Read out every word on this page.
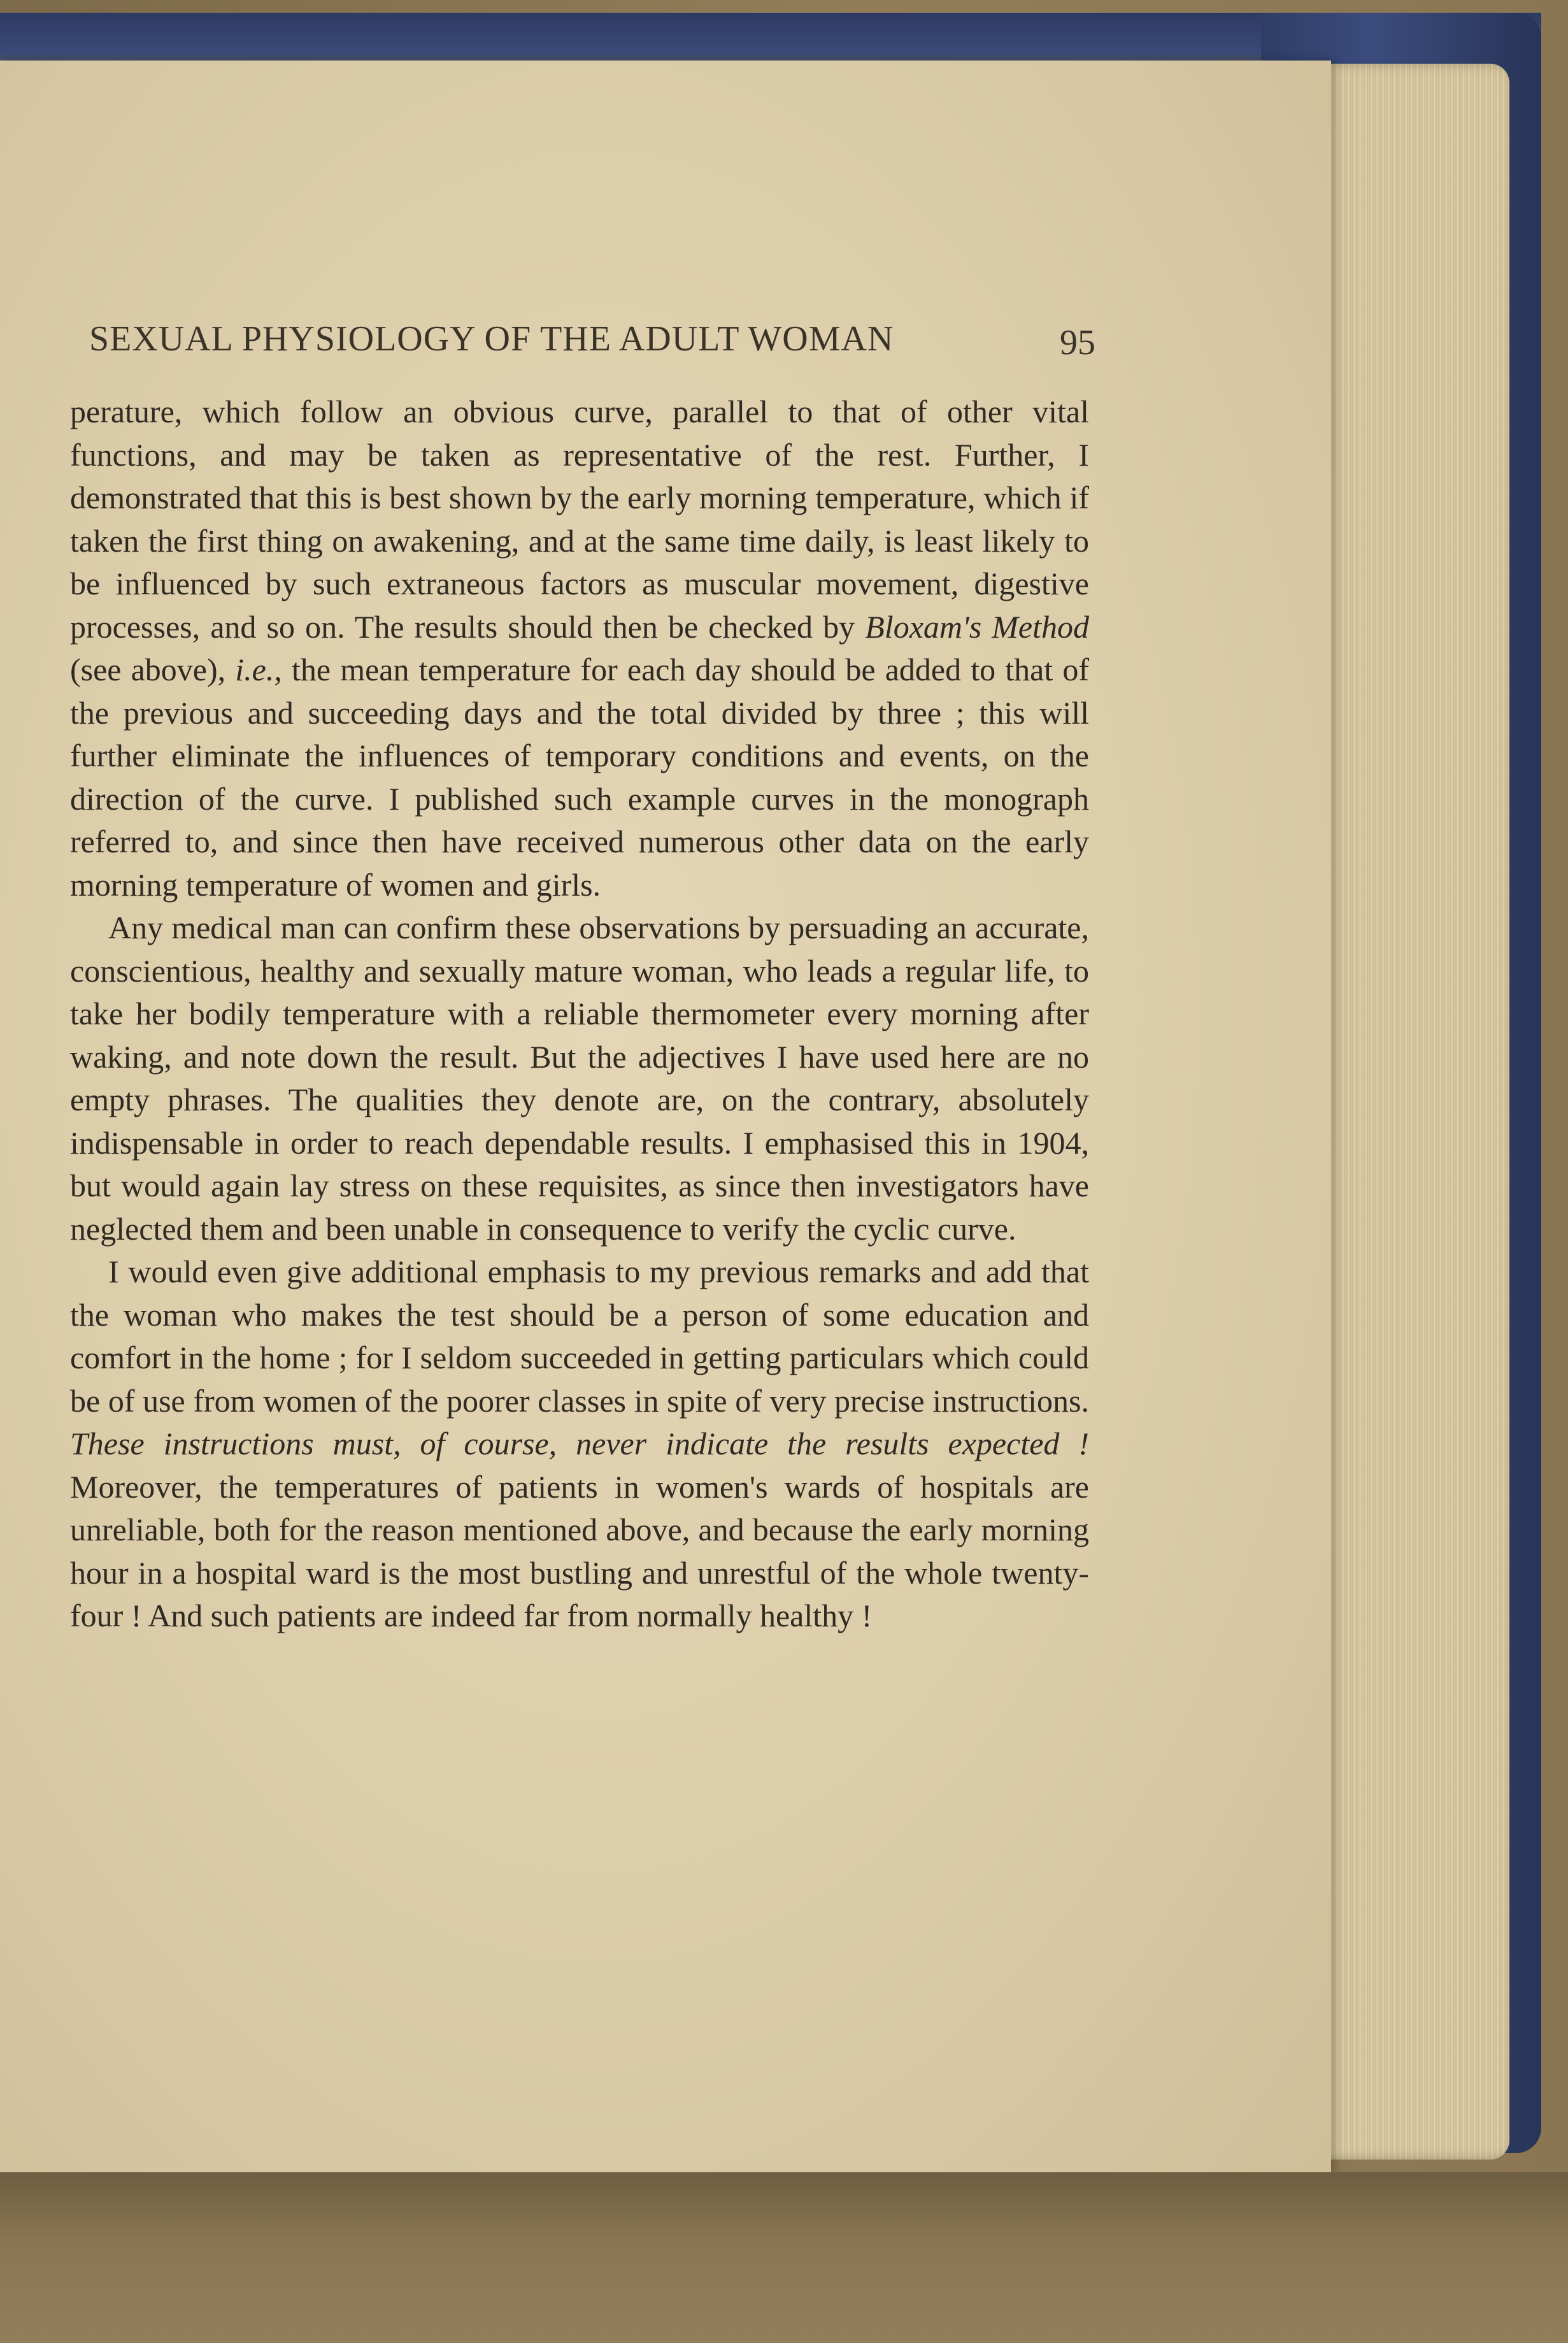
SEXUAL PHYSIOLOGY OF THE ADULT WOMAN	95

perature, which follow an obvious curve, parallel to that of other vital functions, and may be taken as representative of the rest. Further, I demonstrated that this is best shown by the early morning temperature, which if taken the first thing on awakening, and at the same time daily, is least likely to be influenced by such extraneous factors as muscular movement, digestive processes, and so on. The results should then be checked by Bloxam's Method (see above), i.e., the mean temperature for each day should be added to that of the previous and succeeding days and the total divided by three ; this will further eliminate the influences of temporary conditions and events, on the direction of the curve. I published such example curves in the monograph referred to, and since then have received numerous other data on the early morning temperature of women and girls.

Any medical man can confirm these observations by persuading an accurate, conscientious, healthy and sexually mature woman, who leads a regular life, to take her bodily temperature with a reliable thermometer every morning after waking, and note down the result. But the adjectives I have used here are no empty phrases. The qualities they denote are, on the contrary, absolutely indispensable in order to reach dependable results. I emphasised this in 1904, but would again lay stress on these requisites, as since then investigators have neglected them and been unable in consequence to verify the cyclic curve.

I would even give additional emphasis to my previous remarks and add that the woman who makes the test should be a person of some education and comfort in the home ; for I seldom succeeded in getting particulars which could be of use from women of the poorer classes in spite of very precise instructions. These instructions must, of course, never indicate the results expected ! Moreover, the temperatures of patients in women's wards of hospitals are unreliable, both for the reason mentioned above, and because the early morning hour in a hospital ward is the most bustling and unrestful of the whole twenty-four ! And such patients are indeed far from normally healthy !
